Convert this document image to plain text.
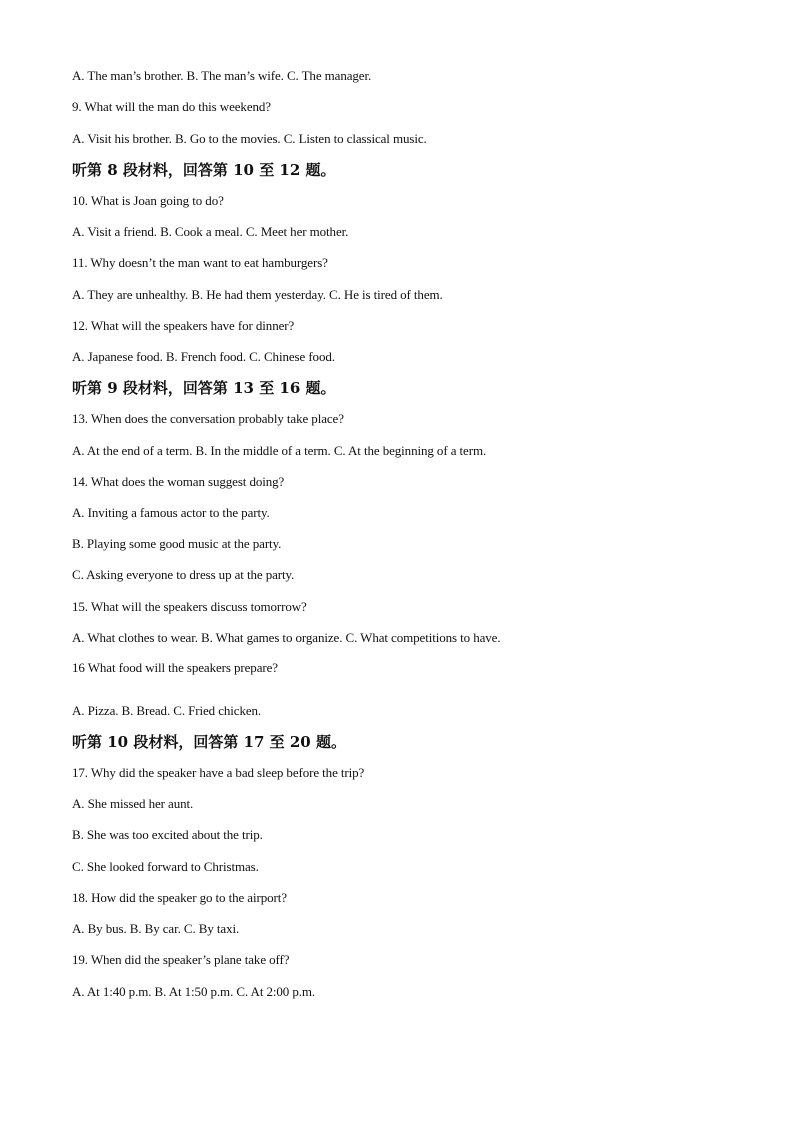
A. The man’s brother. B. The man’s wife. C. The manager.
9. What will the man do this weekend?
A. Visit his brother. B. Go to the movies. C. Listen to classical music.
听第 8 段材料，回答第 10 至 12 题。
10. What is Joan going to do?
A. Visit a friend. B. Cook a meal. C. Meet her mother.
11. Why doesn’t the man want to eat hamburgers?
A. They are unhealthy. B. He had them yesterday. C. He is tired of them.
12. What will the speakers have for dinner?
A. Japanese food. B. French food. C. Chinese food.
听第 9 段材料，回答第 13 至 16 题。
13. When does the conversation probably take place?
A. At the end of a term. B. In the middle of a term. C. At the beginning of a term.
14. What does the woman suggest doing?
A. Inviting a famous actor to the party.
B. Playing some good music at the party.
C. Asking everyone to dress up at the party.
15. What will the speakers discuss tomorrow?
A. What clothes to wear. B. What games to organize. C. What competitions to have.
16 What food will the speakers prepare?
A. Pizza. B. Bread. C. Fried chicken.
听第 10 段材料，回答第 17 至 20 题。
17. Why did the speaker have a bad sleep before the trip?
A. She missed her aunt.
B. She was too excited about the trip.
C. She looked forward to Christmas.
18. How did the speaker go to the airport?
A. By bus. B. By car. C. By taxi.
19. When did the speaker’s plane take off?
A. At 1:40 p.m. B. At 1:50 p.m. C. At 2:00 p.m.
